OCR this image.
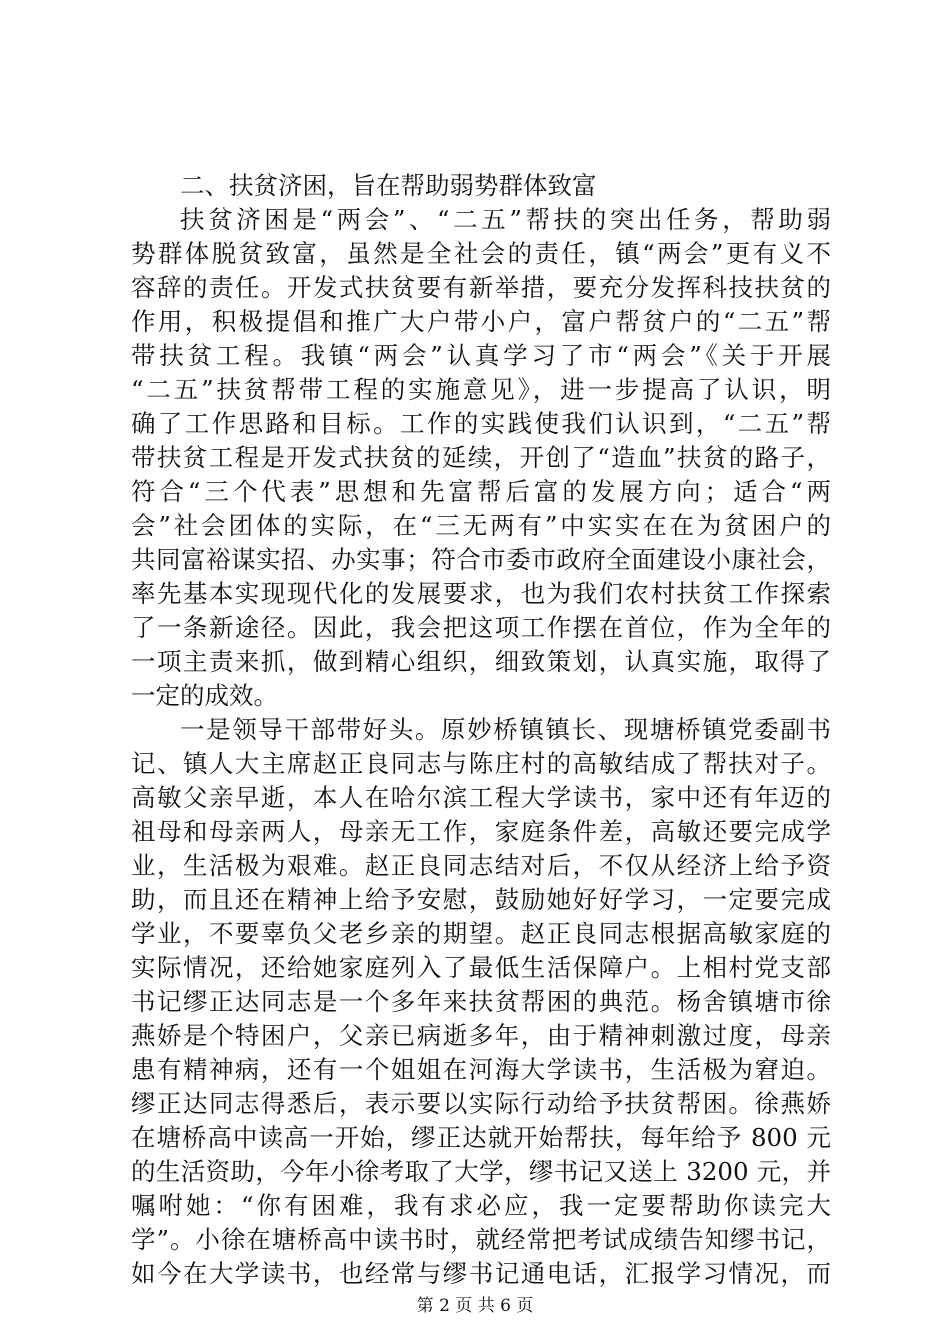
二、扶贫济困，旨在帮助弱势群体致富
扶贫济困是“两会”、“二五”帮扶的突出任务，帮助弱
势群体脱贫致富，虽然是全社会的责任，镇“两会”更有义不
容辞的责任。开发式扶贫要有新举措，要充分发挥科技扶贫的
作用，积极提倡和推广大户带小户，富户帮贫户的“二五”帮
带扶贫工程。我镇“两会”认真学习了市“两会”《关于开展
“二五”扶贫帮带工程的实施意见》，进一步提高了认识，明
确了工作思路和目标。工作的实践使我们认识到，“二五”帮
带扶贫工程是开发式扶贫的延续，开创了“造血”扶贫的路子，
符合“三个代表”思想和先富帮后富的发展方向；适合“两
会”社会团体的实际，在“三无两有”中实实在在为贫困户的
共同富裕谋实招、办实事；符合市委市政府全面建设小康社会，
率先基本实现现代化的发展要求，也为我们农村扶贫工作探索
了一条新途径。因此，我会把这项工作摆在首位，作为全年的
一项主责来抓，做到精心组织，细致策划，认真实施，取得了
一定的成效。
一是领导干部带好头。原妙桥镇镇长、现塘桥镇党委副书
记、镇人大主席赵正良同志与陈庄村的高敏结成了帮扶对子。
高敏父亲早逝，本人在哈尔滨工程大学读书，家中还有年迈的
祖母和母亲两人，母亲无工作，家庭条件差，高敏还要完成学
业，生活极为艰难。赵正良同志结对后，不仅从经济上给予资
助，而且还在精神上给予安慰，鼓励她好好学习，一定要完成
学业，不要辜负父老乡亲的期望。赵正良同志根据高敏家庭的
实际情况，还给她家庭列入了最低生活保障户。上相村党支部
书记缪正达同志是一个多年来扶贫帮困的典范。杨舍镇塘市徐
燕娇是个特困户，父亲已病逝多年，由于精神刺激过度，母亲
患有精神病，还有一个姐姐在河海大学读书，生活极为窘迫。
缪正达同志得悉后，表示要以实际行动给予扶贫帮困。徐燕娇
在塘桥高中读高一开始，缪正达就开始帮扶，每年给予 800 元
的生活资助，今年小徐考取了大学，缪书记又送上 3200 元，并
嘱咐她：“你有困难，我有求必应，我一定要帮助你读完大
学”。小徐在塘桥高中读书时，就经常把考试成绩告知缪书记，
如今在大学读书，也经常与缪书记通电话，汇报学习情况，而
第 2 页 共 6 页
